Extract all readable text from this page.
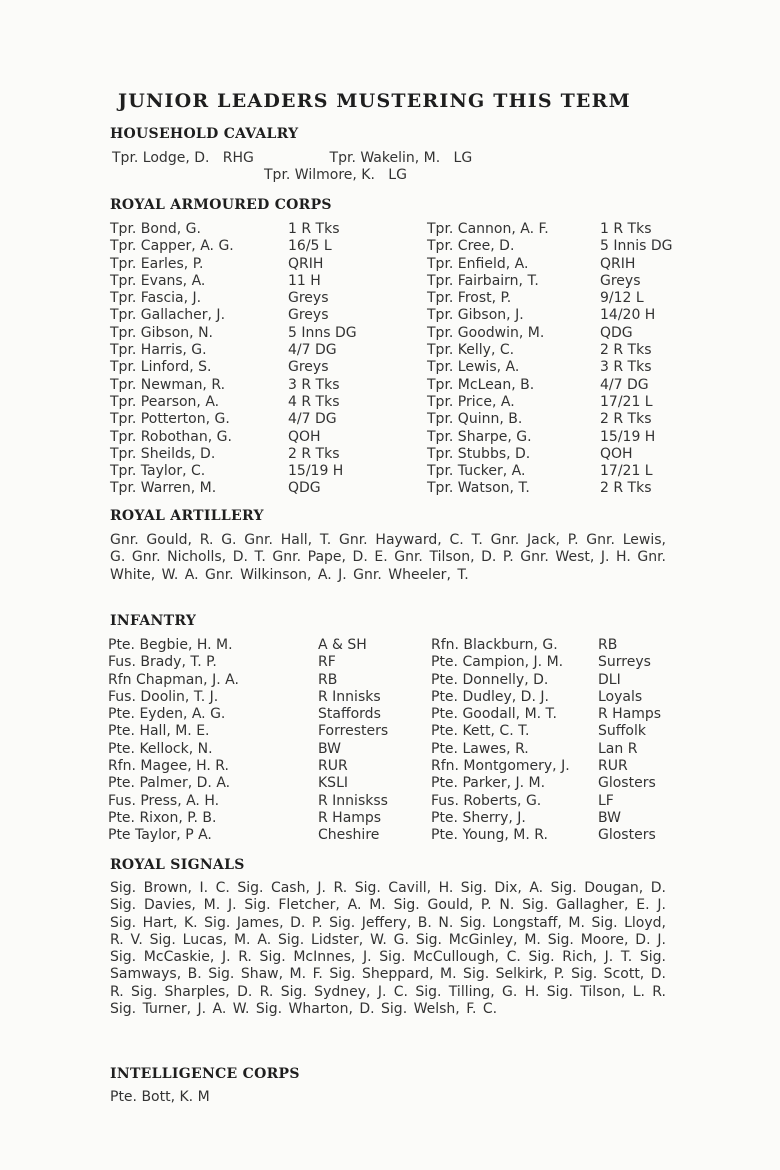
JUNIOR LEADERS MUSTERING THIS TERM
HOUSEHOLD CAVALRY
Tpr. Lodge, D.   RHG                 Tpr. Wakelin, M.   LG
Tpr. Wilmore, K.   LG
ROYAL ARMOURED CORPS
Tpr. Bond, G.	1 R Tks	Tpr. Cannon, A. F.	1 R Tks
Tpr. Capper, A. G.	16/5 L	Tpr. Cree, D.	5 Innis DG
Tpr. Earles, P.	QRIH	Tpr. Enfield, A.	QRIH
Tpr. Evans, A.	11 H	Tpr. Fairbairn, T.	Greys
Tpr. Fascia, J.	Greys	Tpr. Frost, P.	9/12 L
Tpr. Gallacher, J.	Greys	Tpr. Gibson, J.	14/20 H
Tpr. Gibson, N.	5 Inns DG	Tpr. Goodwin, M.	QDG
Tpr. Harris, G.	4/7 DG	Tpr. Kelly, C.	2 R Tks
Tpr. Linford, S.	Greys	Tpr. Lewis, A.	3 R Tks
Tpr. Newman, R.	3 R Tks	Tpr. McLean, B.	4/7 DG
Tpr. Pearson, A.	4 R Tks	Tpr. Price, A.	17/21 L
Tpr. Potterton, G.	4/7 DG	Tpr. Quinn, B.	2 R Tks
Tpr. Robothan, G.	QOH	Tpr. Sharpe, G.	15/19 H
Tpr. Sheilds, D.	2 R Tks	Tpr. Stubbs, D.	QOH
Tpr. Taylor, C.	15/19 H	Tpr. Tucker, A.	17/21 L
Tpr. Warren, M.	QDG	Tpr. Watson, T.	2 R Tks
ROYAL ARTILLERY
Gnr. Gould, R. G. Gnr. Hall, T. Gnr. Hayward, C. T. Gnr. Jack, P. Gnr. Lewis, G. Gnr. Nicholls, D. T. Gnr. Pape, D. E. Gnr. Tilson, D. P. Gnr. West, J. H. Gnr. White, W. A. Gnr. Wilkinson, A. J. Gnr. Wheeler, T.
INFANTRY
Pte. Begbie, H. M.	A & SH	Rfn. Blackburn, G.	RB
Fus. Brady, T. P.	RF	Pte. Campion, J. M. Surreys
Rfn Chapman, J. A.	RB	Pte. Donnelly, D.	DLI
Fus. Doolin, T. J.	R Innisks	Pte. Dudley, D. J.	Loyals
Pte. Eyden, A. G.	Staffords	Pte. Goodall, M. T.	R Hamps
Pte. Hall, M. E.	Forresters	Pte. Kett, C. T.	Suffolk
Pte. Kellock, N.	BW	Pte. Lawes, R.	Lan R
Rfn. Magee, H. R.	RUR	Rfn. Montgomery, J. RUR
Pte. Palmer, D. A.	KSLI	Pte. Parker, J. M.	Glosters
Fus. Press, A. H.	R Inniskss	Fus. Roberts, G.	LF
Pte. Rixon, P. B.	R Hamps	Pte. Sherry, J.	BW
Pte Taylor, P A.	Cheshire	Pte. Young, M. R.	Glosters
ROYAL SIGNALS
Sig. Brown, I. C. Sig. Cash, J. R. Sig. Cavill, H. Sig. Dix, A. Sig. Dougan, D. Sig. Davies, M. J. Sig. Fletcher, A. M. Sig. Gould, P. N. Sig. Gallagher, E. J. Sig. Hart, K. Sig. James, D. P. Sig. Jeffery, B. N. Sig. Longstaff, M. Sig. Lloyd, R. V. Sig. Lucas, M. A. Sig. Lidster, W. G. Sig. McGinley, M. Sig. Moore, D. J. Sig. McCaskie, J. R. Sig. McInnes, J. Sig. McCullough, C. Sig. Rich, J. T. Sig. Samways, B. Sig. Shaw, M. F. Sig. Sheppard, M. Sig. Selkirk, P. Sig. Scott, D. R. Sig. Sharples, D. R. Sig. Sydney, J. C. Sig. Tilling, G. H. Sig. Tilson, L. R. Sig. Turner, J. A. W. Sig. Wharton, D. Sig. Welsh, F. C.
INTELLIGENCE CORPS
Pte. Bott, K. M
